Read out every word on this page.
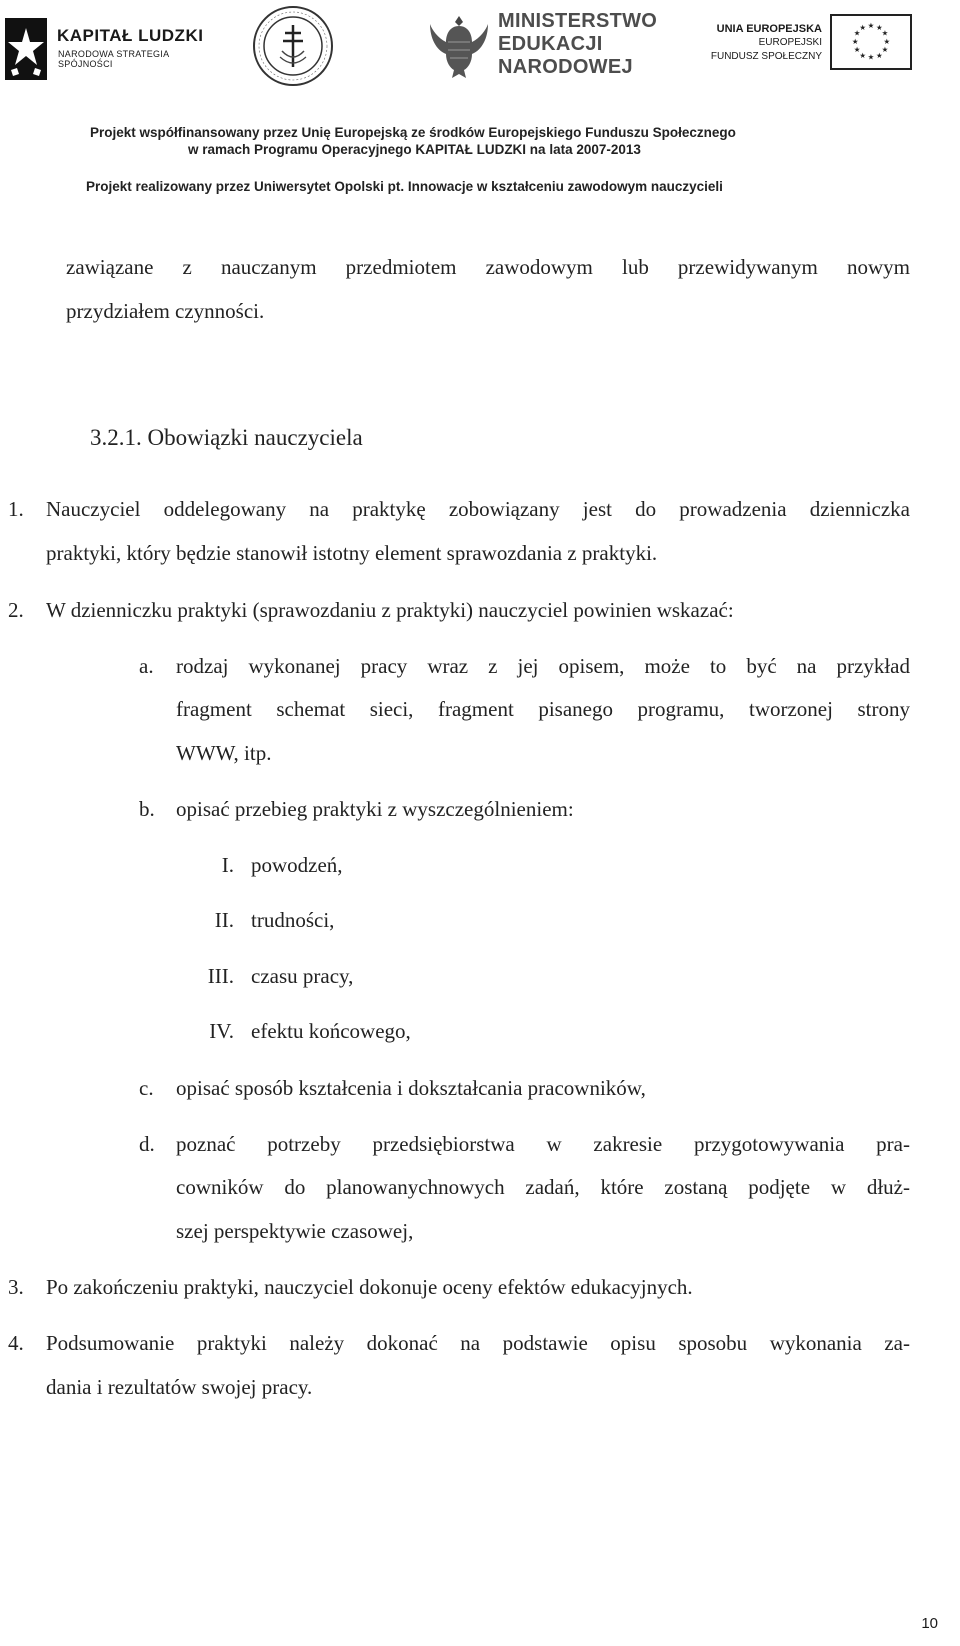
KAPITAŁ LUDZKI
NARODOWA STRATEGIA SPÓJNOŚCI
MINISTERSTWO
EDUKACJI
NARODOWEJ
UNIA EUROPEJSKA
EUROPEJSKI
FUNDUSZ SPOŁECZNY
★ ★
★
★
★
★
★
★
★
★
★
★

Projekt współfinansowany przez Unię Europejską ze środków Europejskiego Funduszu Społecznego

w ramach Programu Operacyjnego KAPITAŁ LUDZKI na lata 2007-2013

Projekt realizowany przez Uniwersytet Opolski pt. Innowacje w kształceniu zawodowym nauczycieli

zawiązane z nauczanym przedmiotem zawodowym lub przewidywanym nowym
przydziałem czynności.
3.2.1. Obowiązki nauczyciela
1. Nauczyciel oddelegowany na praktykę zobowiązany jest do prowadzenia dzienniczka
praktyki, który będzie stanowił istotny element sprawozdania z praktyki.
2. W dzienniczku praktyki (sprawozdaniu z praktyki) nauczyciel powinien wskazać:
a. rodzaj wykonanej pracy wraz z jej opisem, może to być na przykład
fragment schemat sieci, fragment pisanego programu, tworzonej strony
WWW, itp.
b. opisać przebieg praktyki z wyszczególnieniem:
I. powodzeń,
II. trudności,
III. czasu pracy,
IV. efektu końcowego,
c. opisać sposób kształcenia i dokształcania pracowników,
d. poznać potrzeby przedsiębiorstwa w zakresie przygotowywania pra-
cowników do planowanychnowych zadań, które zostaną podjęte w dłuż-
szej perspektywie czasowej,
3. Po zakończeniu praktyki, nauczyciel dokonuje oceny efektów edukacyjnych.
4. Podsumowanie praktyki należy dokonać na podstawie opisu sposobu wykonania za-
dania i rezultatów swojej pracy.
10
